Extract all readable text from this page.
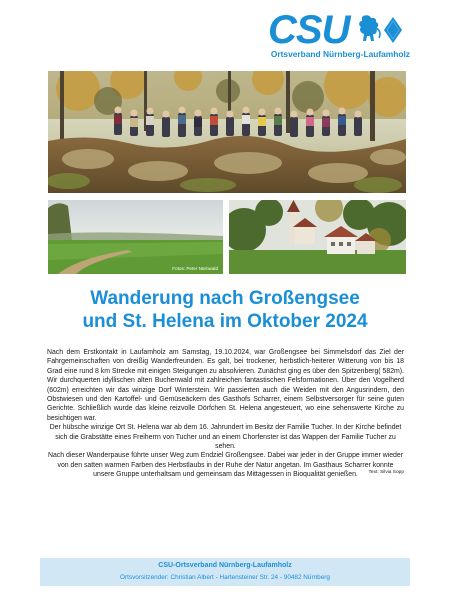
CSU
Ortsverband Nürnberg-Laufamholz
Fotos: Peter Nürnwald
Wanderung nach Großengsee
und St. Helena im Oktober 2024

Nach dem Erstkontakt in Laufamholz am Samstag, 19.10.2024, war Großengsee bei Simmelsdorf das Ziel der Fahrgemeinschaften von dreißig Wanderfreunden. Es galt, bei trockener, herbstlich-heiterer Witterung von bis 18 Grad eine rund 8 km Strecke mit einigen Steigungen zu absolvieren. Zunächst ging es über den Spitzenberg( 582m). Wir durchquerten idyllischen alten Buchenwald mit zahlreichen fantastischen Felsformationen. Über den Vogelherd (602m) erreichten wir das winzige Dorf Winterstein. Wir passierten auch die Weiden mit den Angusrindern, den Obstwiesen und den Kartoffel- und Gemüseäckern des Gasthofs Scharrer, einem Selbstversorger für seine guten Gerichte. Schließlich wurde das kleine reizvolle Dörfchen St. Helena angesteuert, wo eine sehenswerte Kirche zu besichtigen war.

Der hübsche winzige Ort St. Helena war ab dem 16. Jahrundert im Besitz der Familie Tucher. In der Kirche befindet sich die Grabstätte eines Freiherrn von Tucher und an einem Chorfenster ist das Wappen der Familie Tucher zu sehen.

Nach dieser Wanderpause führte unser Weg zum Endziel Großengsee. Dabei war jeder in der Gruppe immer wieder von den satten warmen Farben des Herbstlaubs in der Ruhe der Natur angetan. Im Gasthaus Scharrer konnte unsere Gruppe unterhaltsam und gemeinsam das Mittagessen in Bioqualität genießen.	Text: Silvia Sopp
CSU-Ortsverband Nürnberg-Laufamholz
Ortsvorsitzender: Christian Albert - Hartensteiner Str. 24 - 90482 Nürnberg
